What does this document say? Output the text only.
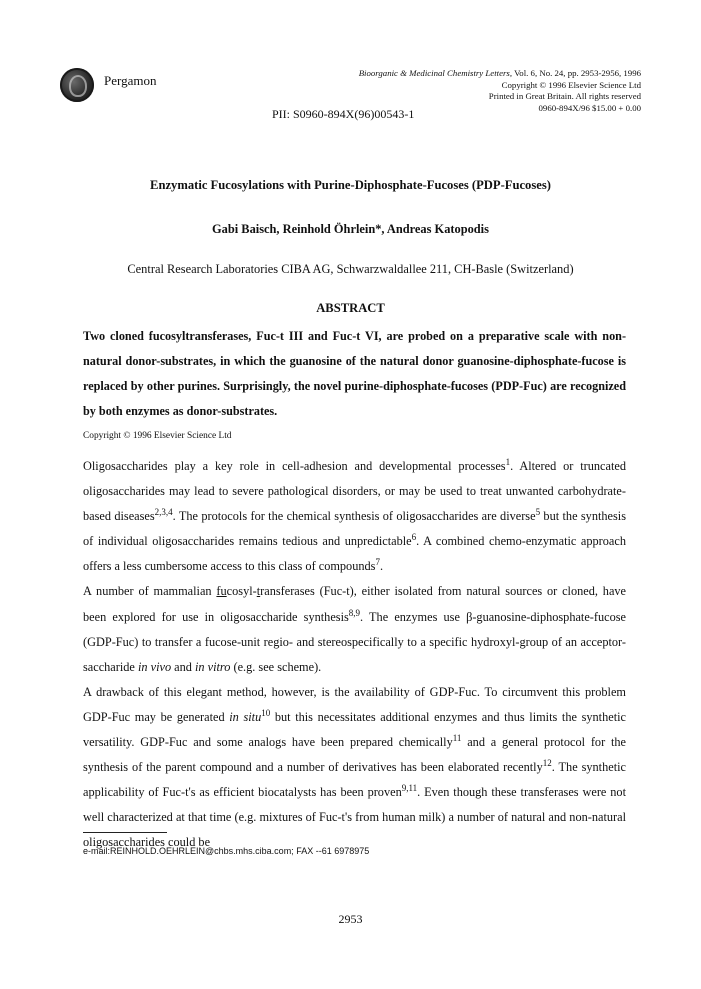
Pergamon	Bioorganic & Medicinal Chemistry Letters, Vol. 6, No. 24, pp. 2953-2956, 1996
Copyright © 1996 Elsevier Science Ltd
Printed in Great Britain. All rights reserved
0960-894X/96 $15.00 + 0.00
PII: S0960-894X(96)00543-1
Enzymatic Fucosylations with Purine-Diphosphate-Fucoses (PDP-Fucoses)
Gabi Baisch, Reinhold Öhrlein*, Andreas Katopodis
Central Research Laboratories CIBA AG, Schwarzwaldallee 211, CH-Basle (Switzerland)
ABSTRACT
Two cloned fucosyltransferases, Fuc-t III and Fuc-t VI, are probed on a preparative scale with non-natural donor-substrates, in which the guanosine of the natural donor guanosine-diphosphate-fucose is replaced by other purines. Surprisingly, the novel purine-diphosphate-fucoses (PDP-Fuc) are recognized by both enzymes as donor-substrates.
Copyright © 1996 Elsevier Science Ltd

Oligosaccharides play a key role in cell-adhesion and developmental processes$^1$. Altered or truncated oligosaccharides may lead to severe pathological disorders, or may be used to treat unwanted carbohydrate-based diseases$^{2,3,4}$. The protocols for the chemical synthesis of oligosaccharides are diverse$^5$ but the synthesis of individual oligosaccharides remains tedious and unpredictable$^6$. A combined chemo-enzymatic approach offers a less cumbersome access to this class of compounds$^7$.

A number of mammalian fucosyl-transferases (Fuc-t), either isolated from natural sources or cloned, have been explored for use in oligosaccharide synthesis$^{8,9}$. The enzymes use β-guanosine-diphosphate-fucose (GDP-Fuc) to transfer a fucose-unit regio- and stereospecifically to a specific hydroxyl-group of an acceptor-saccharide in vivo and in vitro (e.g. see scheme).

A drawback of this elegant method, however, is the availability of GDP-Fuc. To circumvent this problem GDP-Fuc may be generated in situ$^{10}$ but this necessitates additional enzymes and thus limits the synthetic versatility. GDP-Fuc and some analogs have been prepared chemically$^{11}$ and a general protocol for the synthesis of the parent compound and a number of derivatives has been elaborated recently$^{12}$. The synthetic applicability of Fuc-t's as efficient biocatalysts has been proven$^{9,11}$. Even though these transferases were not well characterized at that time (e.g. mixtures of Fuc-t's from human milk) a number of natural and non-natural oligosaccharides could be

e-mail:REINHOLD.OEHRLEIN@chbs.mhs.ciba.com; FAX --61 6978975
2953
